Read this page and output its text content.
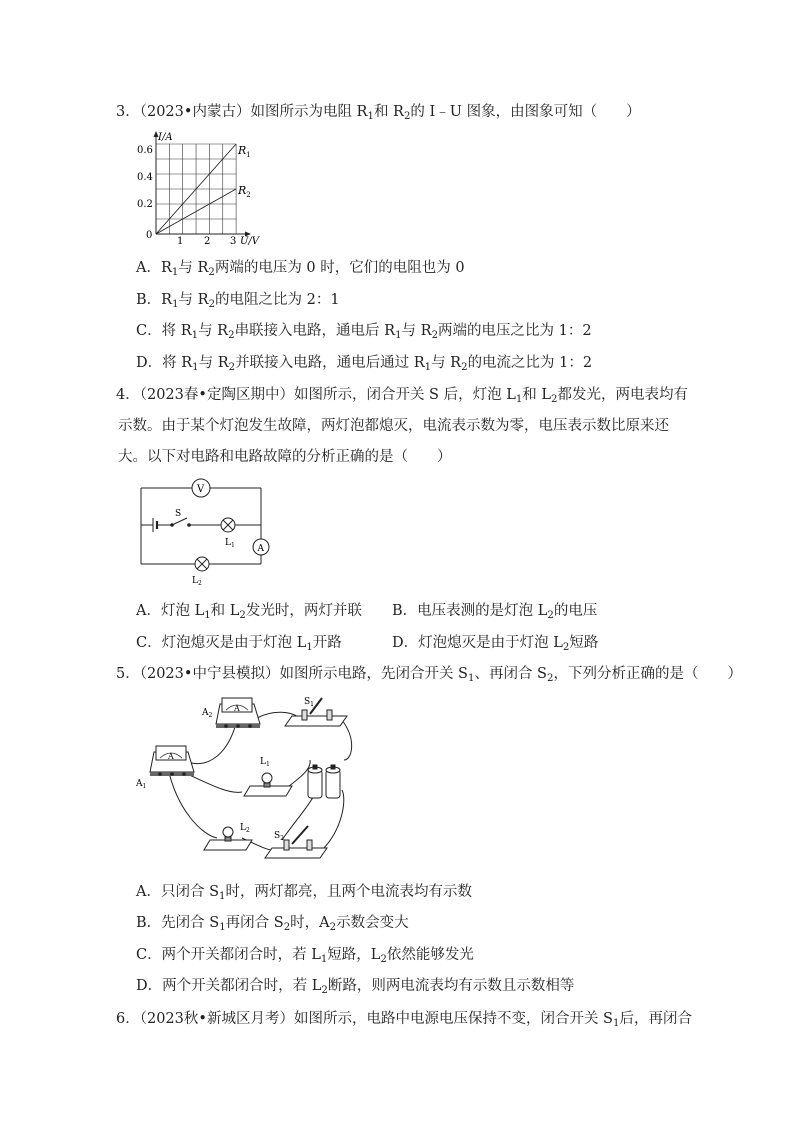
3．（2023•内蒙古）如图所示为电阻 $R_1$和 $R_2$的 I﹣U 图象，由图象可知（　　）
I/A
U/V
0
0.6
0.4
0.2
1 2 3
$R_1$
$R_2$
A．$R_1$与 $R_2$两端的电压为 0 时，它们的电阻也为 0
B．$R_1$与 $R_2$的电阻之比为 2：1
C．将 $R_1$与 $R_2$串联接入电路，通电后 $R_1$与 $R_2$两端的电压之比为 1：2
D．将 $R_1$与 $R_2$并联接入电路，通电后通过 $R_1$与 $R_2$的电流之比为 1：2
4．（2023春•定陶区期中）如图所示，闭合开关 S 后，灯泡 $L_1$和 $L_2$都发光，两电表均有
示数。由于某个灯泡发生故障，两灯泡都熄灭，电流表示数为零，电压表示数比原来还
大。以下对电路和电路故障的分析正确的是（　　）
V
S
$L_1$	A
$L_2$
A．灯泡 $L_1$和 $L_2$发光时，两灯并联 B．电压表测的是灯泡 $L_2$的电压
C．灯泡熄灭是由于灯泡 $L_1$开路	D．灯泡熄灭是由于灯泡 $L_2$短路
5．（2023•中宁县模拟）如图所示电路，先闭合开关 $S_1$、再闭合 $S_2$，下列分析正确的是（　　）
A
$A_2$
$S_1$
A
$A_1$
$L_1$
$L_2$
$S_2$
A．只闭合 $S_1$时，两灯都亮，且两个电流表均有示数
B．先闭合 $S_1$再闭合 $S_2$时，$A_2$示数会变大
C．两个开关都闭合时，若 $L_1$短路，$L_2$依然能够发光
D．两个开关都闭合时，若 $L_2$断路，则两电流表均有示数且示数相等
6．（2023秋•新城区月考）如图所示，电路中电源电压保持不变，闭合开关 $S_1$后，再闭合
